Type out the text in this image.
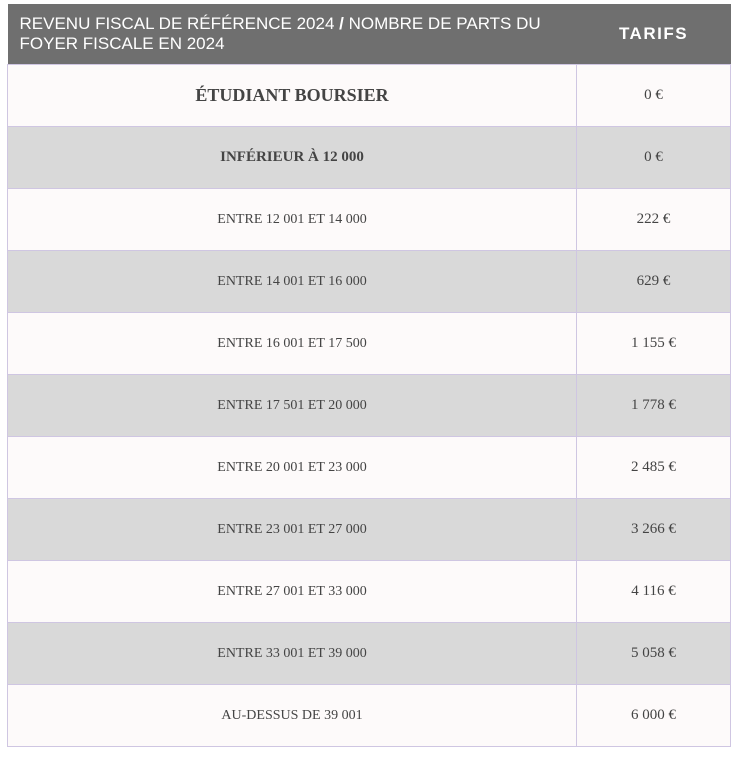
REVENU FISCAL DE RÉFÉRENCE 2024 / NOMBRE DE PARTS DU FOYER FISCALE EN 2024	TARIFS
ÉTUDIANT BOURSIER	0 €
INFÉRIEUR À 12 000	0 €
ENTRE 12 001 ET 14 000	222 €
ENTRE 14 001 ET 16 000	629 €
ENTRE 16 001 ET 17 500	1 155 €
ENTRE 17 501 ET 20 000	1 778 €
ENTRE 20 001 ET 23 000	2 485 €
ENTRE 23 001 ET 27 000	3 266 €
ENTRE 27 001 ET 33 000	4 116 €
ENTRE 33 001 ET 39 000	5 058 €
AU-DESSUS DE 39 001	6 000 €
